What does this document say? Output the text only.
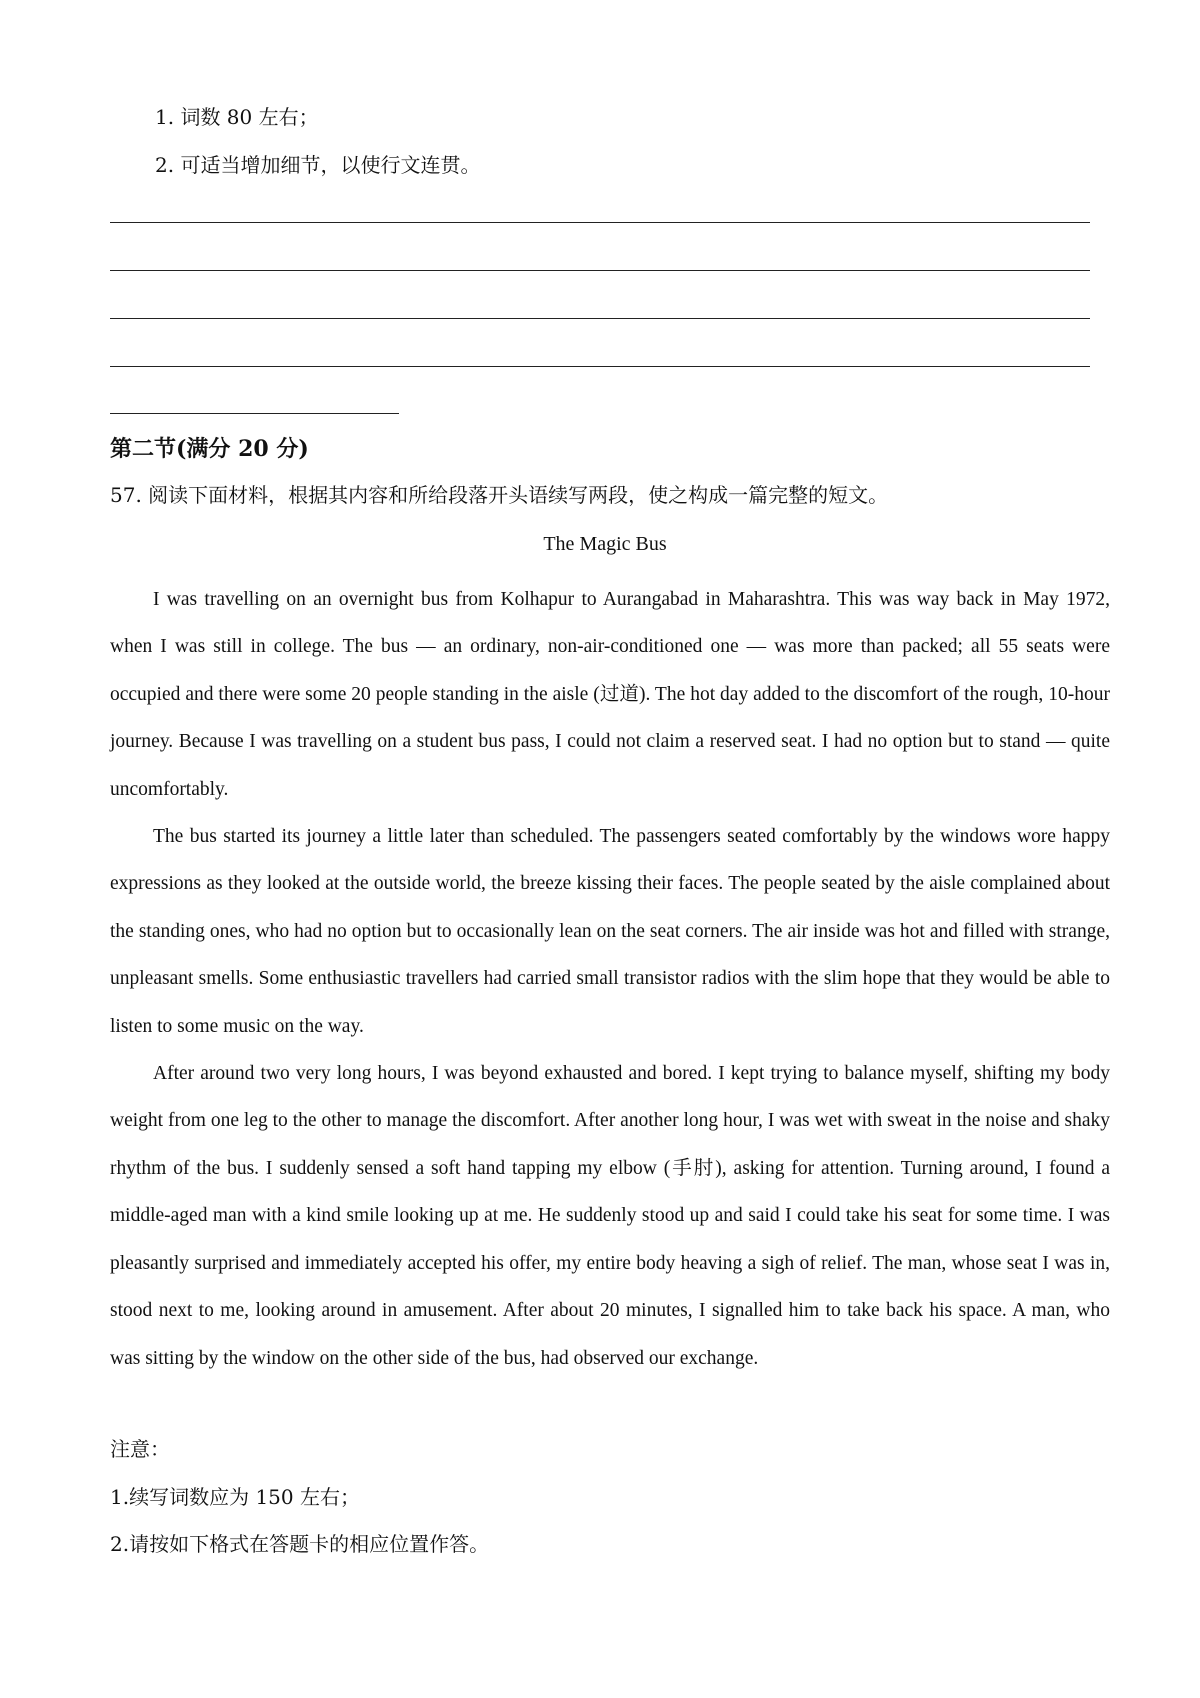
1. 词数 80 左右；
2. 可适当增加细节，以使行文连贯。
第二节(满分 20 分)
57. 阅读下面材料，根据其内容和所给段落开头语续写两段，使之构成一篇完整的短文。
The Magic Bus

I was travelling on an overnight bus from Kolhapur to Aurangabad in Maharashtra. This was way back in May 1972, when I was still in college. The bus — an ordinary, non-air-conditioned one — was more than packed; all 55 seats were occupied and there were some 20 people standing in the aisle (过道). The hot day added to the discomfort of the rough, 10-hour journey. Because I was travelling on a student bus pass, I could not claim a reserved seat. I had no option but to stand — quite uncomfortably.

The bus started its journey a little later than scheduled. The passengers seated comfortably by the windows wore happy expressions as they looked at the outside world, the breeze kissing their faces. The people seated by the aisle complained about the standing ones, who had no option but to occasionally lean on the seat corners. The air inside was hot and filled with strange, unpleasant smells. Some enthusiastic travellers had carried small transistor radios with the slim hope that they would be able to listen to some music on the way.

After around two very long hours, I was beyond exhausted and bored. I kept trying to balance myself, shifting my body weight from one leg to the other to manage the discomfort. After another long hour, I was wet with sweat in the noise and shaky rhythm of the bus. I suddenly sensed a soft hand tapping my elbow (手肘), asking for attention. Turning around, I found a middle-aged man with a kind smile looking up at me. He suddenly stood up and said I could take his seat for some time. I was pleasantly surprised and immediately accepted his offer, my entire body heaving a sigh of relief. The man, whose seat I was in, stood next to me, looking around in amusement. After about 20 minutes, I signalled him to take back his space. A man, who was sitting by the window on the other side of the bus, had observed our exchange.

注意：
1.续写词数应为 150 左右；
2.请按如下格式在答题卡的相应位置作答。
